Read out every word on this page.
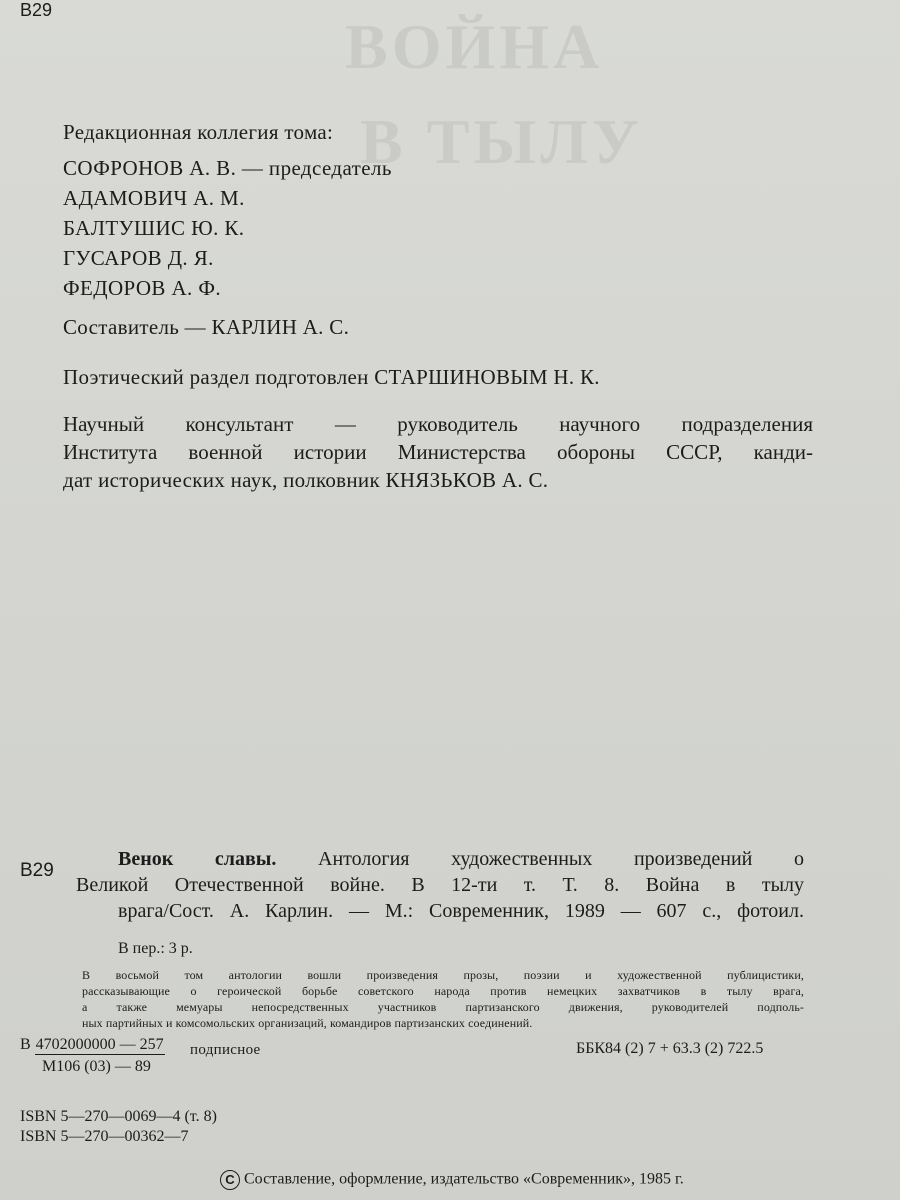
ВОЙНА
В ТЫЛУ
В29
Редакционная коллегия тома:
СОФРОНОВ А. В. — председатель
АДАМОВИЧ А. М.
БАЛТУШИС Ю. К.
ГУСАРОВ Д. Я.
ФЕДОРОВ А. Ф.
Составитель — КАРЛИН А. С.
Поэтический раздел подготовлен СТАРШИНОВЫМ Н. К.
Научный консультант — руководитель научного подразделения
Института военной истории Министерства обороны СССР, канди-
дат исторических наук, полковник КНЯЗЬКОВ А. С.
В29
Венок славы. Антология художественных произведений о
Великой Отечественной войне. В 12-ти т. Т. 8. Война в тылу
врага/Сост. А. Карлин. — М.: Современник, 1989 — 607 с., фотоил.
В пер.: 3 р.
В восьмой том антологии вошли произведения прозы, поэзии и художественной публицистики,
рассказывающие о героической борьбе советского народа против немецких захватчиков в тылу врага,
а также мемуары непосредственных участников партизанского движения, руководителей подполь-
ных партийных и комсомольских организаций, командиров партизанских соединений.
В 4702000000 — 257
М106 (03) — 89
подписное	ББК84 (2) 7 + 63.3 (2) 722.5
ISBN 5—270—0069—4 (т. 8)
ISBN 5—270—00362—7
C Составление, оформление, издательство «Современник», 1985 г.
